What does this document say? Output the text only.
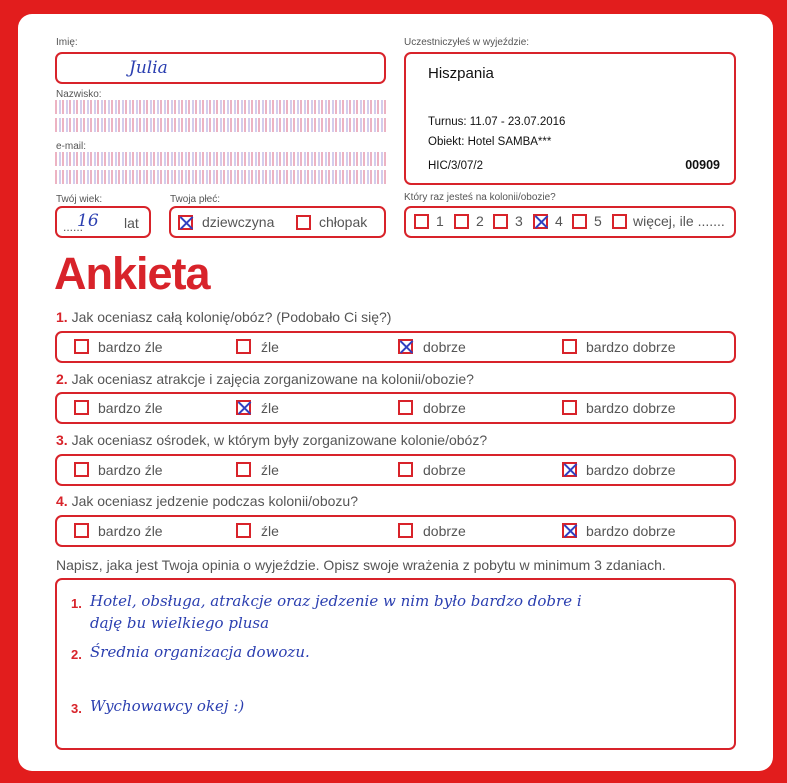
Imię:
Julia
Nazwisko:
e-mail:
Uczestniczyłeś w wyjeździe:
Hiszpania
Turnus: 11.07 - 23.07.2016
Obiekt: Hotel SAMBA***
HIC/3/07/2	00909
Twój wiek:
......
16 lat
Twoja płeć:
dziewczyna	chłopak
Który raz jesteś na kolonii/obozie?
1 2 3 4 5 więcej, ile .......
Ankieta
1. Jak oceniasz całą kolonię/obóz? (Podobało Ci się?)
bardzo źle	źle	dobrze	bardzo dobrze
2. Jak oceniasz atrakcje i zajęcia zorganizowane na kolonii/obozie?
bardzo źle	źle	dobrze	bardzo dobrze
3. Jak oceniasz ośrodek, w którym były zorganizowane kolonie/obóz?
bardzo źle	źle	dobrze	bardzo dobrze
4. Jak oceniasz jedzenie podczas kolonii/obozu?
bardzo źle	źle	dobrze	bardzo dobrze
Napisz, jaka jest Twoja opinia o wyjeździe. Opisz swoje wrażenia z pobytu w minimum 3 zdaniach.
1. Hotel, obsługa, atrakcje oraz jedzenie w nim było bardzo dobre i
daję bu wielkiego plusa
2. Średnia organizacja dowozu.
3. Wychowawcy okej :)
